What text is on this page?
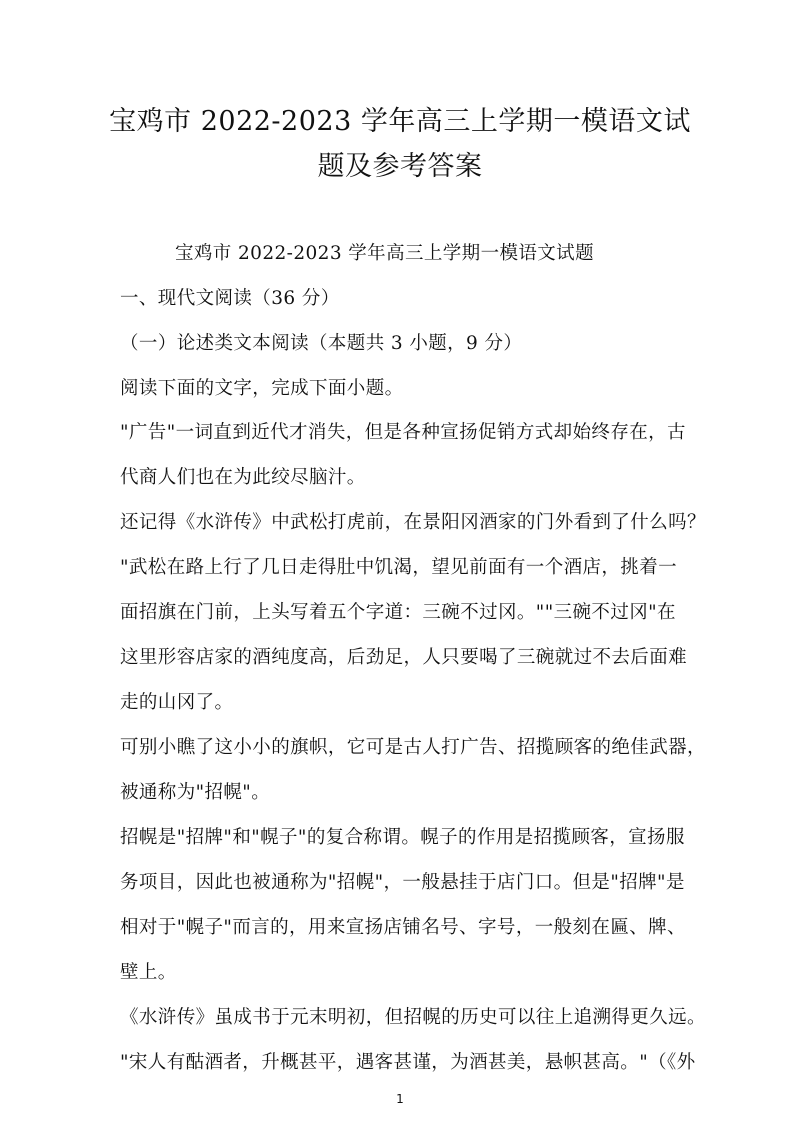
宝鸡市 2022-2023 学年高三上学期一模语文试
题及参考答案

宝鸡市 2022-2023 学年高三上学期一模语文试题

一、现代文阅读（36 分）

（一）论述类文本阅读（本题共 3 小题，9 分）

阅读下面的文字，完成下面小题。

"广告"一词直到近代才消失，但是各种宣扬促销方式却始终存在，古

代商人们也在为此绞尽脑汁。

还记得《水浒传》中武松打虎前，在景阳冈酒家的门外看到了什么吗？

"武松在路上行了几日走得肚中饥渴，望见前面有一个酒店，挑着一

面招旗在门前，上头写着五个字道：三碗不过冈。""三碗不过冈"在

这里形容店家的酒纯度高，后劲足，人只要喝了三碗就过不去后面难

走的山冈了。

可别小瞧了这小小的旗帜，它可是古人打广告、招揽顾客的绝佳武器，

被通称为"招幌"。

招幌是"招牌"和"幌子"的复合称谓。幌子的作用是招揽顾客，宣扬服

务项目，因此也被通称为"招幌"，一般悬挂于店门口。但是"招牌"是

相对于"幌子"而言的，用来宣扬店铺名号、字号，一般刻在匾、牌、

壁上。

《水浒传》虽成书于元末明初，但招幌的历史可以往上追溯得更久远。

"宋人有酤酒者，升概甚平，遇客甚谨，为酒甚美，悬帜甚高。"（《外

1
